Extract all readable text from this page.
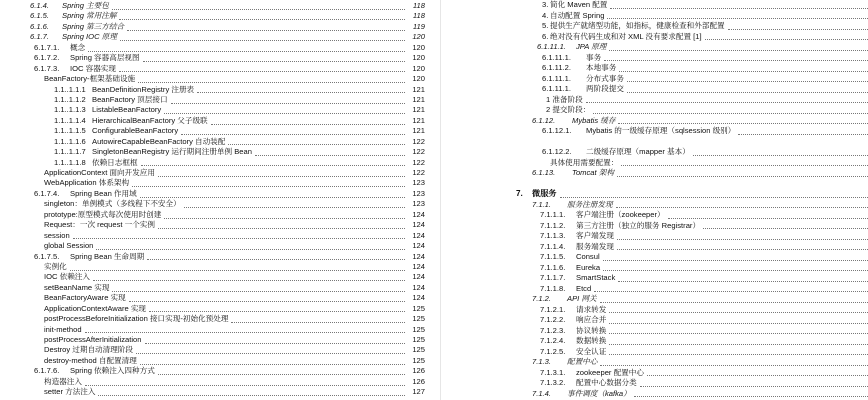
6.1.4. Spring 主要包	118
6.1.5. Spring 常用注解	118
6.1.6. Spring 第三方结合	119
6.1.7. Spring IOC 原理	120
6.1.7.1. 概念	120
6.1.7.2. Spring 容器高层视图	120
6.1.7.3. IOC 容器实现	120
BeanFactory-框架基础设施	120
1.1..1.1.1 BeanDefinitionRegistry 注册表	121
1.1..1.1.2 BeanFactory 顶层接口	121
1.1..1.1.3 ListableBeanFactory	121
1.1..1.1.4 HierarchicalBeanFactory 父子级联	121
1.1..1.1.5 ConfigurableBeanFactory	121
1.1..1.1.6 AutowireCapableBeanFactory 自动装配	122
1.1..1.1.7 SingletonBeanRegistry 运行期间注册单例 Bean	122
1.1..1.1.8 依赖日志框框	122
ApplicationContext 面向开发应用	122
WebApplication 体系架构	123
6.1.7.4. Spring Bean 作用域	123
singleton：单例模式（多线程下不安全）	123
prototype:原型模式每次使用时创建	124
Request：一次 request 一个实例	124
session	124
global Session	124
6.1.7.5. Spring Bean 生命周期	124
实例化	124
IOC 依赖注入	124
setBeanName 实现	124
BeanFactoryAware 实现	124
ApplicationContextAware 实现	125
postProcessBeforeInitialization 接口实现-初始化预处理	125
init-method	125
postProcessAfterInitialization	125
Destroy 过期自动清理阶段	125
destroy-method 自配置清理	125
6.1.7.6. Spring 依赖注入四种方式	126
构造器注入	126
setter 方法注入	127
3. 简化 Maven 配置
4. 自动配置 Spring
5. 提供生产就绪型功能，如指标，健康检查和外部配置
6. 绝对没有代码生成和对 XML 没有要求配置 [1]
6.1.11.1. JPA 原理
6.1.11.1. 事务
6.1.11.2. 本地事务
6.1.11.1. 分布式事务
6.1.11.1. 两阶段提交
1 准备阶段
2 提交阶段：
6.1.12. Mybatis 缓存
6.1.12.1. Mybatis 的一级缓存原理（sqlsession 级别）
6.1.12.2. 二级缓存原理（mapper 基本）
具体使用需要配置：
6.1.13. Tomcat 架构
7. 微服务
7.1.1. 服务注册发现
7.1.1.1. 客户端注册（zookeeper）
7.1.1.2. 第三方注册（独立的服务 Registrar）
7.1.1.3. 客户端发现
7.1.1.4. 服务端发现
7.1.1.5. Consul
7.1.1.6. Eureka
7.1.1.7. SmartStack
7.1.1.8. Etcd
7.1.2. API 网关
7.1.2.1. 请求转发
7.1.2.2. 响应合并
7.1.2.3. 协议转换
7.1.2.4. 数据转换
7.1.2.5. 安全认证
7.1.3. 配置中心
7.1.3.1. zookeeper 配置中心
7.1.3.2. 配置中心数据分类
7.1.4. 事件调度（kafka）
